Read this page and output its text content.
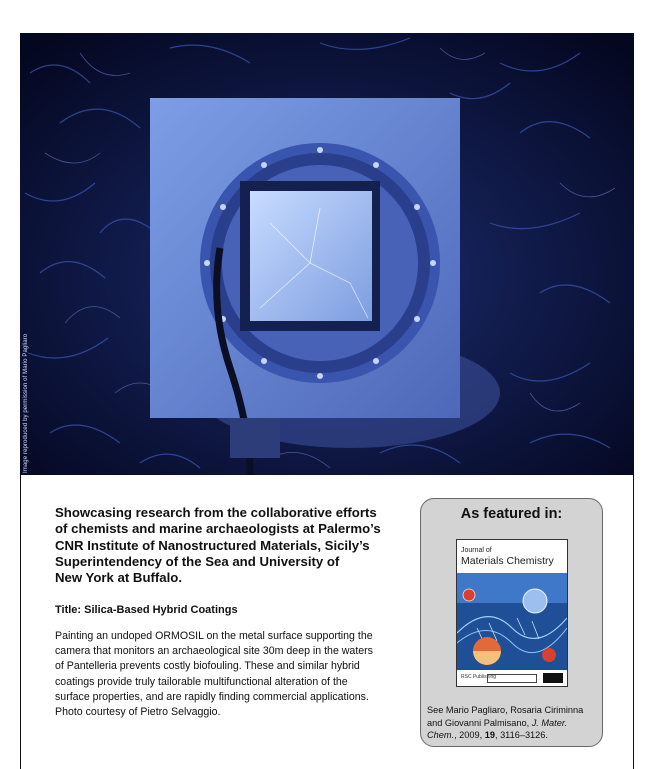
Image reproduced by permission of Mario Pagliaro
Showcasing research from the collaborative efforts
of chemists and marine archaeologists at Palermo’s
CNR Institute of Nanostructured Materials, Sicily’s
Superintendency of the Sea and University of
New York at Buffalo.
Title: Silica-Based Hybrid Coatings
Painting an undoped ORMOSIL on the metal surface supporting the
camera that monitors an archaeological site 30m deep in the waters
of Pantelleria prevents costly biofouling. These and similar hybrid
coatings provide truly tailorable multifunctional alteration of the
surface properties, and are rapidly finding commercial applications.
Photo courtesy of Pietro Selvaggio.
As featured in:
Journal of
Materials Chemistry
RSC Publishing
See Mario Pagliaro, Rosaria Ciriminna and Giovanni Palmisano, J. Mater. Chem., 2009, 19, 3116–3126.
